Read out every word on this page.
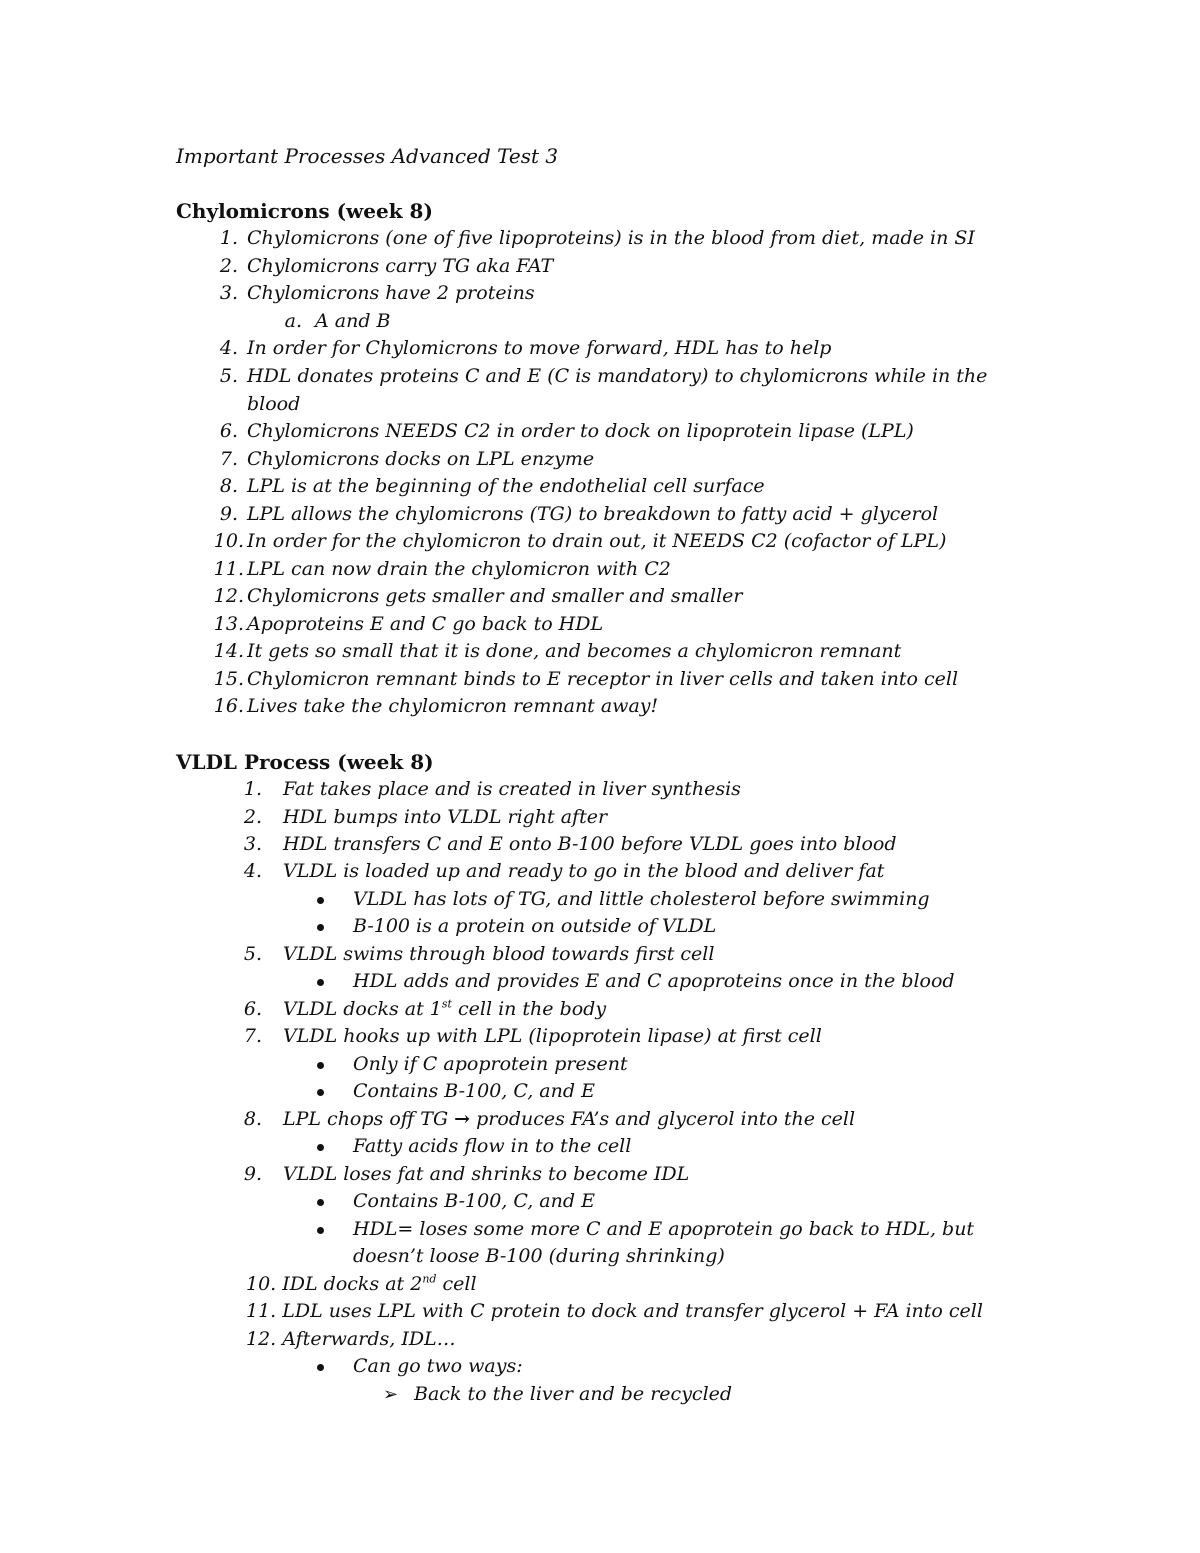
Important Processes Advanced Test 3
Chylomicrons (week 8)
1. Chylomicrons (one of five lipoproteins) is in the blood from diet, made in SI
2. Chylomicrons carry TG aka FAT
3. Chylomicrons have 2 proteins
a. A and B
4. In order for Chylomicrons to move forward, HDL has to help
5. HDL donates proteins C and E (C is mandatory) to chylomicrons while in the
blood
6. Chylomicrons NEEDS C2 in order to dock on lipoprotein lipase (LPL)
7. Chylomicrons docks on LPL enzyme
8. LPL is at the beginning of the endothelial cell surface
9. LPL allows the chylomicrons (TG) to breakdown to fatty acid + glycerol
10. In order for the chylomicron to drain out, it NEEDS C2 (cofactor of LPL)
11. LPL can now drain the chylomicron with C2
12. Chylomicrons gets smaller and smaller and smaller
13. Apoproteins E and C go back to HDL
14. It gets so small that it is done, and becomes a chylomicron remnant
15. Chylomicron remnant binds to E receptor in liver cells and taken into cell
16. Lives take the chylomicron remnant away!
VLDL Process (week 8)
1. Fat takes place and is created in liver synthesis
2. HDL bumps into VLDL right after
3. HDL transfers C and E onto B-100 before VLDL goes into blood
4. VLDL is loaded up and ready to go in the blood and deliver fat
VLDL has lots of TG, and little cholesterol before swimming
B-100 is a protein on outside of VLDL
5. VLDL swims through blood towards first cell
HDL adds and provides E and C apoproteins once in the blood
6. VLDL docks at 1st cell in the body
7. VLDL hooks up with LPL (lipoprotein lipase) at first cell
Only if C apoprotein present
Contains B-100, C, and E
8. LPL chops off TG → produces FA’s and glycerol into the cell
Fatty acids flow in to the cell
9. VLDL loses fat and shrinks to become IDL
Contains B-100, C, and E
HDL= loses some more C and E apoprotein go back to HDL, but
doesn’t loose B-100 (during shrinking)
10. IDL docks at 2nd cell
11. LDL uses LPL with C protein to dock and transfer glycerol + FA into cell
12. Afterwards, IDL…
Can go two ways:
➢ Back to the liver and be recycled
